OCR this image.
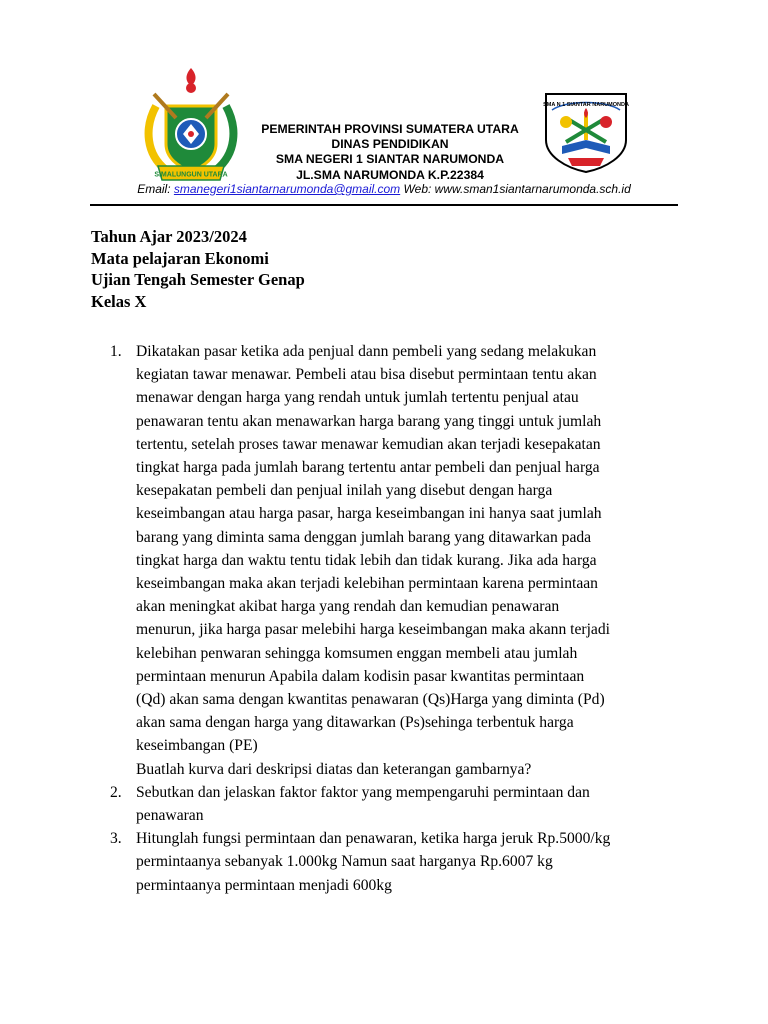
SIMALUNGUN UTARA
PEMERINTAH PROVINSI SUMATERA UTARA
DINAS PENDIDIKAN
SMA NEGERI 1 SIANTAR NARUMONDA
JL.SMA NARUMONDA K.P.22384
SMA N 1 SIANTAR NARUMONDA
Email: smanegeri1siantarnarumonda@gmail.com Web: www.sman1siantarnarumonda.sch.id
Tahun Ajar 2023/2024
Mata pelajaran Ekonomi
Ujian Tengah Semester Genap
Kelas X
1. Dikatakan pasar ketika ada penjual dann pembeli yang sedang melakukan
kegiatan tawar menawar. Pembeli atau bisa disebut permintaan tentu akan
menawar dengan harga yang rendah untuk jumlah tertentu penjual atau
penawaran tentu akan menawarkan harga barang yang tinggi untuk jumlah
tertentu, setelah proses tawar menawar kemudian akan terjadi kesepakatan
tingkat harga pada jumlah barang tertentu antar pembeli dan penjual harga
kesepakatan pembeli dan penjual inilah yang disebut dengan harga
keseimbangan atau harga pasar, harga keseimbangan ini hanya saat jumlah
barang yang diminta sama denggan jumlah barang yang ditawarkan pada
tingkat harga dan waktu tentu tidak lebih dan tidak kurang. Jika ada harga
keseimbangan maka akan terjadi kelebihan permintaan karena permintaan
akan meningkat akibat harga yang rendah dan kemudian penawaran
menurun, jika harga pasar melebihi harga keseimbangan maka akann terjadi
kelebihan penwaran sehingga komsumen enggan membeli atau jumlah
permintaan menurun Apabila dalam kodisin pasar kwantitas permintaan
(Qd) akan sama dengan kwantitas penawaran (Qs)Harga yang diminta (Pd)
akan sama dengan harga yang ditawarkan (Ps)sehinga terbentuk harga
keseimbangan (PE)
Buatlah kurva dari deskripsi diatas dan keterangan gambarnya?
2. Sebutkan dan jelaskan faktor faktor yang mempengaruhi permintaan dan
penawaran
3. Hitunglah fungsi permintaan dan penawaran, ketika harga jeruk Rp.5000/kg
permintaanya sebanyak 1.000kg Namun saat harganya Rp.6007 kg
permintaanya permintaan menjadi 600kg
